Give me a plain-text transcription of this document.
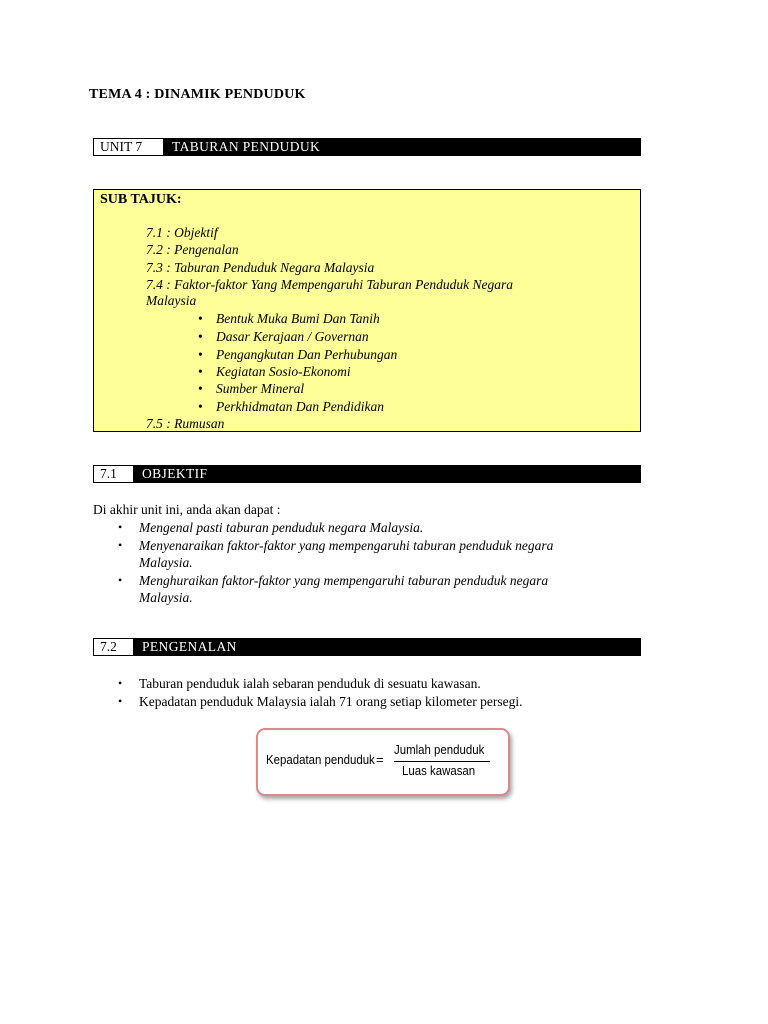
TEMA 4 : DINAMIK PENDUDUK
UNIT 7	TABURAN PENDUDUK
SUB TAJUK:
7.1 : Objektif
7.2 : Pengenalan
7.3 : Taburan Penduduk Negara Malaysia
7.4 : Faktor-faktor Yang Mempengaruhi Taburan Penduduk Negara
Malaysia
• Bentuk Muka Bumi Dan Tanih
• Dasar Kerajaan / Governan
• Pengangkutan Dan Perhubungan
• Kegiatan Sosio-Ekonomi
• Sumber Mineral
• Perkhidmatan Dan Pendidikan
7.5 : Rumusan
7.1	OBJEKTIF
Di akhir unit ini, anda akan dapat :
•	Mengenal pasti taburan penduduk negara Malaysia.
•	Menyenaraikan faktor-faktor yang mempengaruhi taburan penduduk negara
Malaysia.
•	Menghuraikan faktor-faktor yang mempengaruhi taburan penduduk negara
Malaysia.
7.2	PENGENALAN
•	Taburan penduduk ialah sebaran penduduk di sesuatu kawasan.
•	Kepadatan penduduk Malaysia ialah 71 orang setiap kilometer persegi.
Kepadatan penduduk =
Jumlah penduduk
Luas kawasan
